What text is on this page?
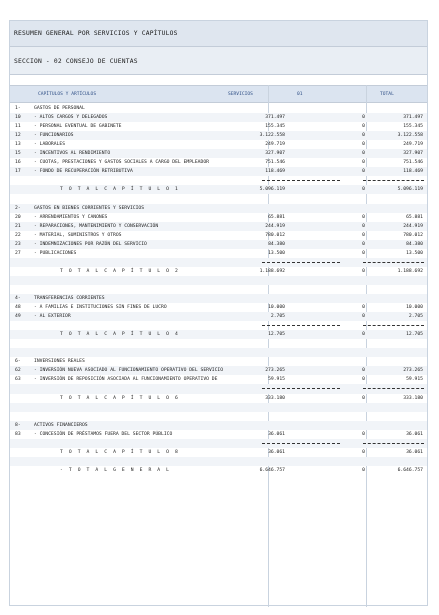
RESUMEN GENERAL POR SERVICIOS Y CAPÍTULOS
SECCION - 02 CONSEJO DE CUENTAS
CAPÍTULOS Y ARTÍCULOS	SERVICIOS	01	TOTAL
1-	GASTOS DE PERSONAL
10	- ALTOS CARGOS Y DELEGADOS	371.497	0	371.497
11	- PERSONAL EVENTUAL DE GABINETE	155.345	0	155.345
12	- FUNCIONARIOS	3.122.558	0	3.122.558
13	- LABORALES	249.719	0	249.719
15	- INCENTIVOS AL RENDIMIENTO	327.907	0	327.907
16	- CUOTAS, PRESTACIONES Y GASTOS SOCIALES A CARGO DEL EMPLEADOR	751.546	0	751.546
17	- FONDO DE RECUPERACIÓN RETRIBUTIVA	118.469	0	118.469
T O T A L C A P Í T U L O 1	5.096.119	0	5.096.119
2-	GASTOS EN BIENES CORRIENTES Y SERVICIOS
20	- ARRENDAMIENTOS Y CANONES	65.881	0	65.881
21	- REPARACIONES, MANTENIMIENTO Y CONSERVACIÓN	244.919	0	244.919
22	- MATERIAL, SUMINISTROS Y OTROS	780.012	0	780.012
23	- INDEMNIZACIONES POR RAZÓN DEL SERVICIO	84.380	0	84.380
27	- PUBLICACIONES	13.500	0	13.500
T O T A L C A P Í T U L O 2	1.188.692	0	1.188.692
4-	TRANSFERENCIAS CORRIENTES
48	- A FAMILIAS E INSTITUCIONES SIN FINES DE LUCRO	10.000	0	10.000
49	- AL EXTERIOR	2.705	0	2.705
T O T A L C A P Í T U L O 4	12.705	0	12.705
6-	INVERSIONES REALES
62	- INVERSIÓN NUEVA ASOCIADO AL FUNCIONAMIENTO OPERATIVO DEL SERVICIO	273.265	0	273.265
63	- INVERSIÓN DE REPOSICIÓN ASOCIADA AL FUNCIONAMIENTO OPERATIVO DE	59.915	0	59.915
T O T A L C A P Í T U L O 6	333.180	0	333.180
8-	ACTIVOS FINANCIEROS
83	- CONCESIÓN DE PRÉSTAMOS FUERA DEL SECTOR PÚBLICO	36.061	0	36.061
T O T A L C A P Í T U L O 8	36.061	0	36.061
- T O T A L G E N E R A L	6.646.757	0	6.646.757
